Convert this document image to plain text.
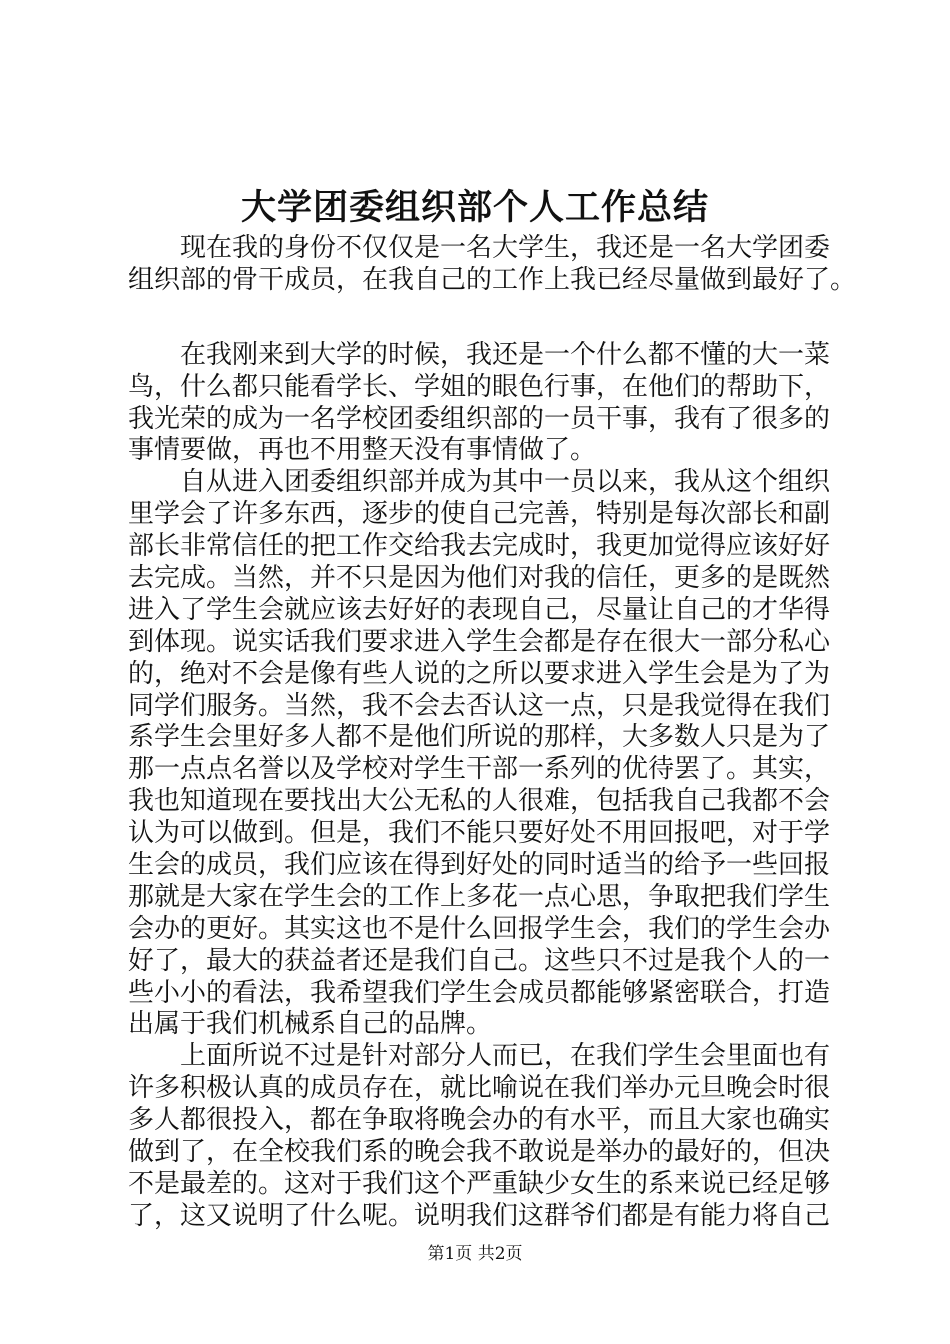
大学团委组织部个人工作总结
现在我的身份不仅仅是一名大学生，我还是一名大学团委
组织部的骨干成员，在我自己的工作上我已经尽量做到最好了。
在我刚来到大学的时候，我还是一个什么都不懂的大一菜
鸟，什么都只能看学长、学姐的眼色行事，在他们的帮助下，
我光荣的成为一名学校团委组织部的一员干事，我有了很多的
事情要做，再也不用整天没有事情做了。
自从进入团委组织部并成为其中一员以来，我从这个组织
里学会了许多东西，逐步的使自己完善，特别是每次部长和副
部长非常信任的把工作交给我去完成时，我更加觉得应该好好
去完成。当然，并不只是因为他们对我的信任，更多的是既然
进入了学生会就应该去好好的表现自己，尽量让自己的才华得
到体现。说实话我们要求进入学生会都是存在很大一部分私心
的，绝对不会是像有些人说的之所以要求进入学生会是为了为
同学们服务。当然，我不会去否认这一点，只是我觉得在我们
系学生会里好多人都不是他们所说的那样，大多数人只是为了
那一点点名誉以及学校对学生干部一系列的优待罢了。其实，
我也知道现在要找出大公无私的人很难，包括我自己我都不会
认为可以做到。但是，我们不能只要好处不用回报吧，对于学
生会的成员，我们应该在得到好处的同时适当的给予一些回报
那就是大家在学生会的工作上多花一点心思，争取把我们学生
会办的更好。其实这也不是什么回报学生会，我们的学生会办
好了，最大的获益者还是我们自己。这些只不过是我个人的一
些小小的看法，我希望我们学生会成员都能够紧密联合，打造
出属于我们机械系自己的品牌。
上面所说不过是针对部分人而已，在我们学生会里面也有
许多积极认真的成员存在，就比喻说在我们举办元旦晚会时很
多人都很投入，都在争取将晚会办的有水平，而且大家也确实
做到了，在全校我们系的晚会我不敢说是举办的最好的，但决
不是最差的。这对于我们这个严重缺少女生的系来说已经足够
了，这又说明了什么呢。说明我们这群爷们都是有能力将自己
第1页 共2页
